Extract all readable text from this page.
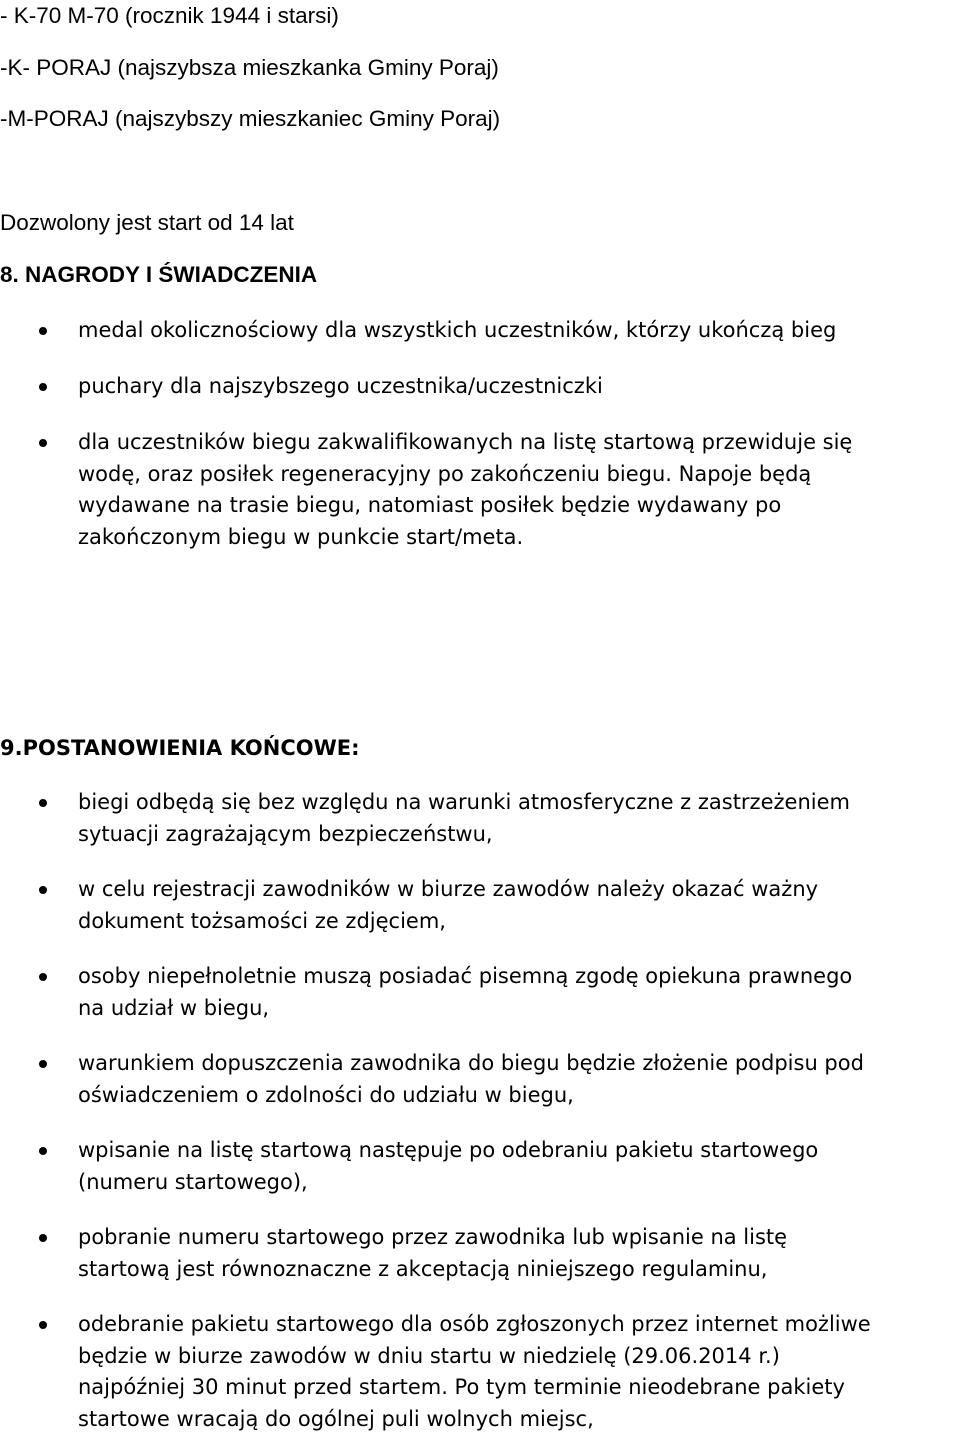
- K-70 M-70 (rocznik 1944 i starsi)
-K- PORAJ (najszybsza mieszkanka Gminy Poraj)
-M-PORAJ (najszybszy mieszkaniec Gminy Poraj)
Dozwolony jest start od 14 lat
8. NAGRODY I ŚWIADCZENIA
medal okolicznościowy dla wszystkich uczestników, którzy ukończą bieg
puchary dla najszybszego uczestnika/uczestniczki
dla uczestników biegu zakwalifikowanych na listę startową przewiduje się
wodę, oraz posiłek regeneracyjny po zakończeniu biegu. Napoje będą
wydawane na trasie biegu, natomiast posiłek będzie wydawany po
zakończonym biegu w punkcie start/meta.
9.POSTANOWIENIA KOŃCOWE:
biegi odbędą się bez względu na warunki atmosferyczne z zastrzeżeniem
sytuacji zagrażającym bezpieczeństwu,
w celu rejestracji zawodników w biurze zawodów należy okazać ważny
dokument tożsamości ze zdjęciem,
osoby niepełnoletnie muszą posiadać pisemną zgodę opiekuna prawnego
na udział w biegu,
warunkiem dopuszczenia zawodnika do biegu będzie złożenie podpisu pod
oświadczeniem o zdolności do udziału w biegu,
wpisanie na listę startową następuje po odebraniu pakietu startowego
(numeru startowego),
pobranie numeru startowego przez zawodnika lub wpisanie na listę
startową jest równoznaczne z akceptacją niniejszego regulaminu,
odebranie pakietu startowego dla osób zgłoszonych przez internet możliwe
będzie w biurze zawodów w dniu startu w niedzielę (29.06.2014 r.)
najpóźniej 30 minut przed startem. Po tym terminie nieodebrane pakiety
startowe wracają do ogólnej puli wolnych miejsc,
